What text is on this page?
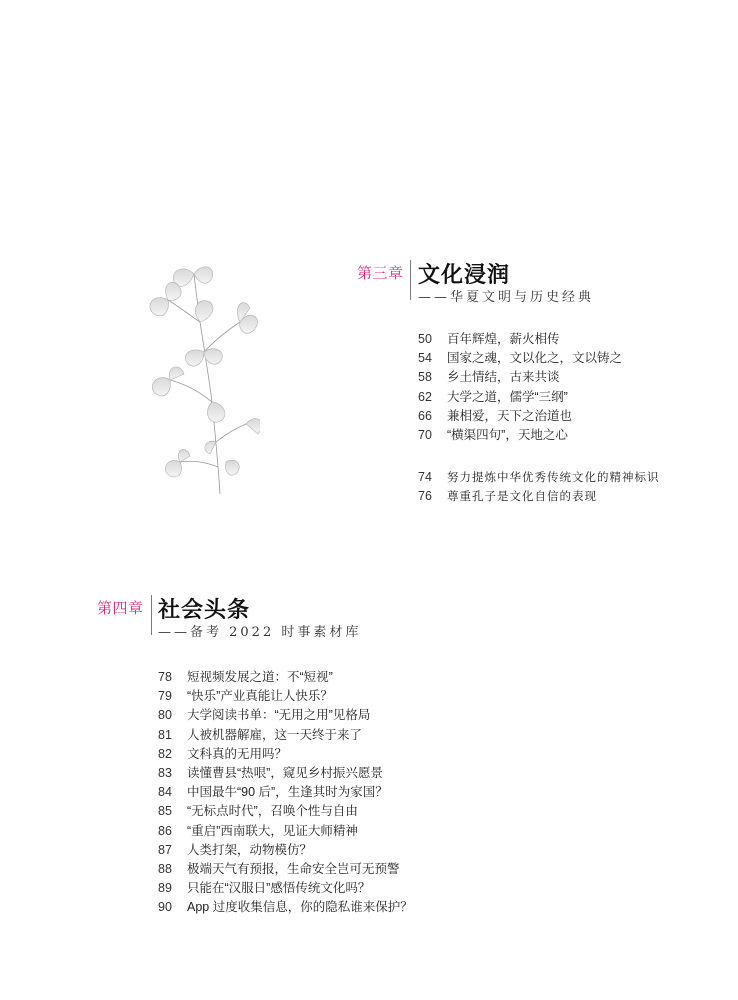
第三章 文化浸润
——华夏文明与历史经典
50 百年辉煌，薪火相传
54 国家之魂，文以化之，文以铸之
58 乡土情结，古来共谈
62 大学之道，儒学“三纲”
66 兼相爱，天下之治道也
70 “横渠四句”，天地之心
74 努力提炼中华优秀传统文化的精神标识
76 尊重孔子是文化自信的表现
第四章 社会头条
——备考 2022 时事素材库
78 短视频发展之道：不“短视”
79 “快乐”产业真能让人快乐？
80 大学阅读书单：“无用之用”见格局
81 人被机器解雇，这一天终于来了
82 文科真的无用吗？
83 读懂曹县“热哏”，窥见乡村振兴愿景
84 中国最牛“90 后”，生逢其时为家国？
85 “无标点时代”，召唤个性与自由
86 “重启”西南联大，见证大师精神
87 人类打架，动物模仿？
88 极端天气有预报，生命安全岂可无预警
89 只能在“汉服日”感悟传统文化吗？
90 App 过度收集信息，你的隐私谁来保护？
